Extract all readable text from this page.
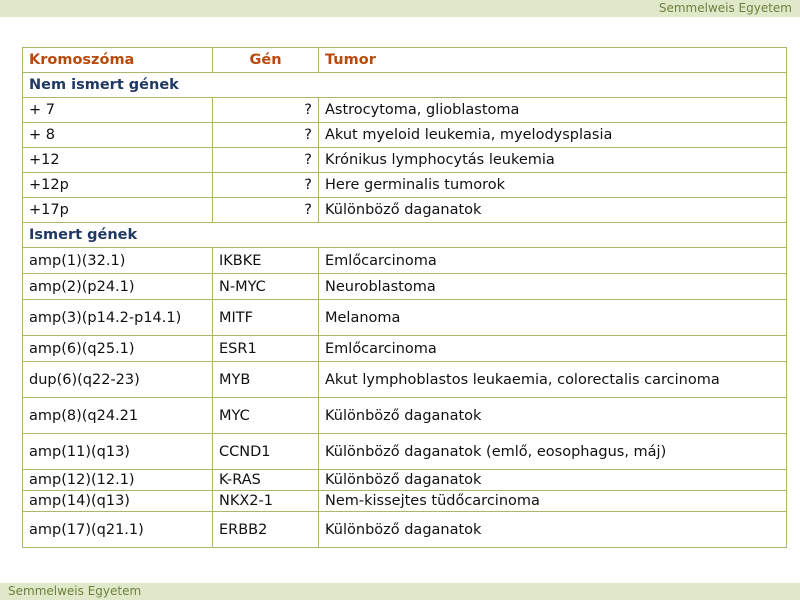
Semmelweis Egyetem
Kromoszóma	Gén	Tumor
Nem ismert gének		
+ 7	?	Astrocytoma, glioblastoma
+ 8	?	Akut myeloid leukemia, myelodysplasia
+12	?	Krónikus lymphocytás leukemia
+12p	?	Here germinalis tumorok
+17p	?	Különböző daganatok
Ismert gének		
amp(1)(32.1)	IKBKE	Emlőcarcinoma
amp(2)(p24.1)	N-MYC	Neuroblastoma
amp(3)(p14.2-p14.1)	MITF	Melanoma
amp(6)(q25.1)	ESR1	Emlőcarcinoma
dup(6)(q22-23)	MYB	Akut lymphoblastos leukaemia, colorectalis carcinoma
amp(8)(q24.21	MYC	Különböző daganatok
amp(11)(q13)	CCND1	Különböző daganatok (emlő, eosophagus, máj)
amp(12)(12.1)	K-RAS	Különböző daganatok
amp(14)(q13)	NKX2-1	Nem-kissejtes tüdőcarcinoma
amp(17)(q21.1)	ERBB2	Különböző daganatok
Semmelweis Egyetem
